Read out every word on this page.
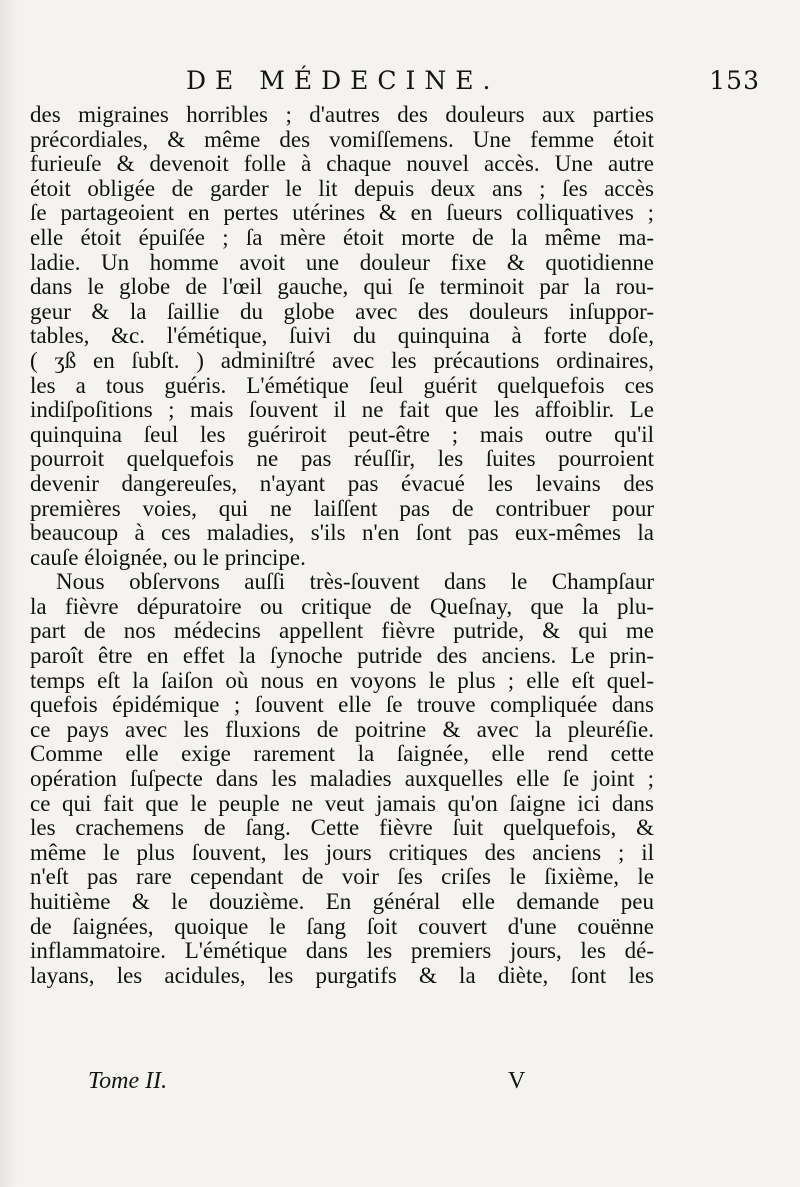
DE MÉDECINE.	153
des migraines horribles ; d'autres des douleurs aux parties
précordiales, & même des vomiſſemens. Une femme étoit
furieuſe & devenoit folle à chaque nouvel accès. Une autre
étoit obligée de garder le lit depuis deux ans ; ſes accès
ſe partageoient en pertes utérines & en ſueurs colliquatives ;
elle étoit épuiſée ; ſa mère étoit morte de la même ma-
ladie. Un homme avoit une douleur fixe & quotidienne
dans le globe de l'œil gauche, qui ſe terminoit par la rou-
geur & la ſaillie du globe avec des douleurs inſuppor-
tables, &c. l'émétique, ſuivi du quinquina à forte doſe,
( ʒß en ſubſt. ) adminiſtré avec les précautions ordinaires,
les a tous guéris. L'émétique ſeul guérit quelquefois ces
indiſpoſitions ; mais ſouvent il ne fait que les affoiblir. Le
quinquina ſeul les guériroit peut-être ; mais outre qu'il
pourroit quelquefois ne pas réuſſir, les ſuites pourroient
devenir dangereuſes, n'ayant pas évacué les levains des
premières voies, qui ne laiſſent pas de contribuer pour
beaucoup à ces maladies, s'ils n'en ſont pas eux-mêmes la
cauſe éloignée, ou le principe.
Nous obſervons auſſi très-ſouvent dans le Champſaur
la fièvre dépuratoire ou critique de Queſnay, que la plu-
part de nos médecins appellent fièvre putride, & qui me
paroît être en effet la ſynoche putride des anciens. Le prin-
temps eſt la ſaiſon où nous en voyons le plus ; elle eſt quel-
quefois épidémique ; ſouvent elle ſe trouve compliquée dans
ce pays avec les fluxions de poitrine & avec la pleuréſie.
Comme elle exige rarement la ſaignée, elle rend cette
opération ſuſpecte dans les maladies auxquelles elle ſe joint ;
ce qui fait que le peuple ne veut jamais qu'on ſaigne ici dans
les crachemens de ſang. Cette fièvre ſuit quelquefois, &
même le plus ſouvent, les jours critiques des anciens ; il
n'eſt pas rare cependant de voir ſes criſes le ſixième, le
huitième & le douzième. En général elle demande peu
de ſaignées, quoique le ſang ſoit couvert d'une couënne
inflammatoire. L'émétique dans les premiers jours, les dé-
layans, les acidules, les purgatifs & la diète, ſont les
Tome II.	V
